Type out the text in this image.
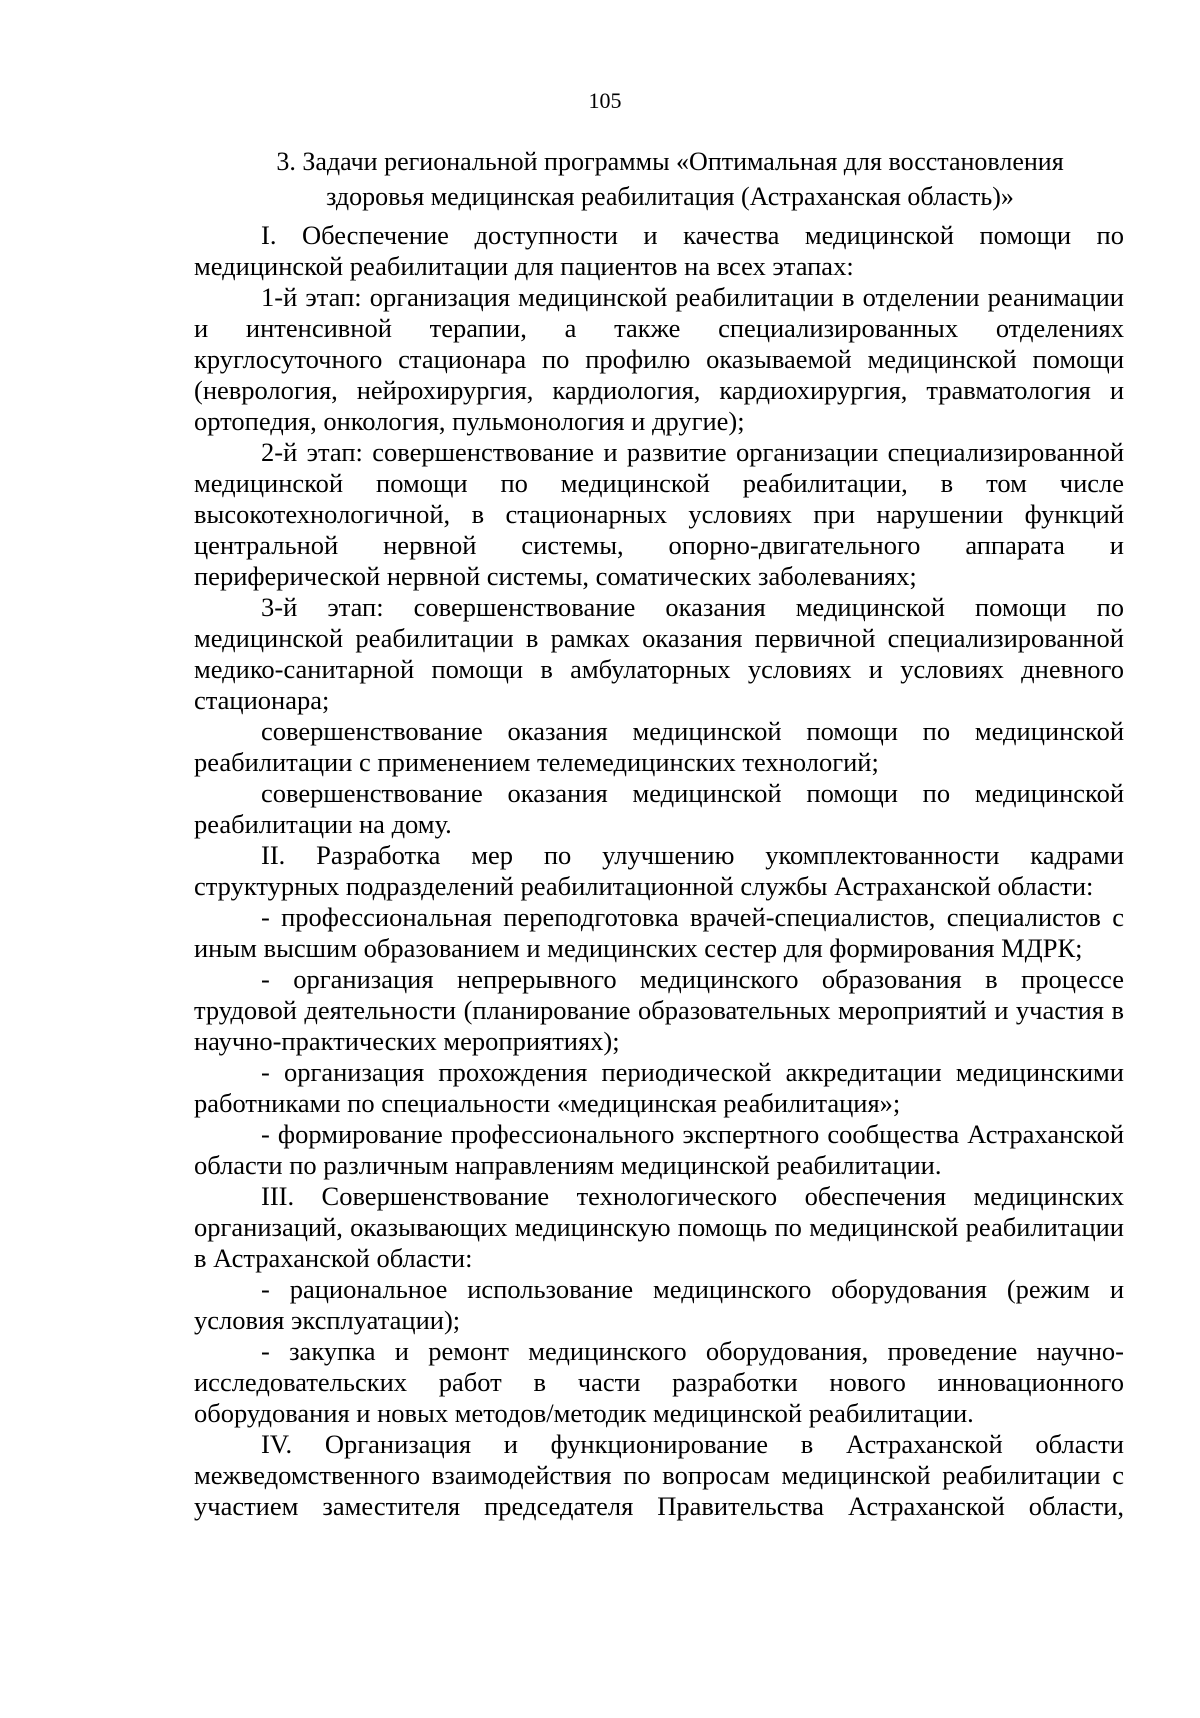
105
3. Задачи региональной программы «Оптимальная для восстановления
здоровья медицинская реабилитация (Астраханская область)»

I. Обеспечение доступности и качества медицинской помощи по медицинской реабилитации для пациентов на всех этапах:

1-й этап: организация медицинской реабилитации в отделении реанимации и интенсивной терапии, а также специализированных отделениях круглосуточного стационара по профилю оказываемой медицинской помощи (неврология, нейрохирургия, кардиология, кардиохирургия, травматология и ортопедия, онкология, пульмонология и другие);

2-й этап: совершенствование и развитие организации специализированной медицинской помощи по медицинской реабилитации, в том числе высокотехнологичной, в стационарных условиях при нарушении функций центральной нервной системы, опорно-двигательного аппарата и периферической нервной системы, соматических заболеваниях;

3-й этап: совершенствование оказания медицинской помощи по медицинской реабилитации в рамках оказания первичной специализированной медико-санитарной помощи в амбулаторных условиях и условиях дневного стационара;

совершенствование оказания медицинской помощи по медицинской реабилитации с применением телемедицинских технологий;

совершенствование оказания медицинской помощи по медицинской реабилитации на дому.

II. Разработка мер по улучшению укомплектованности кадрами структурных подразделений реабилитационной службы Астраханской области:

- профессиональная переподготовка врачей-специалистов, специалистов с иным высшим образованием и медицинских сестер для формирования МДРК;

- организация непрерывного медицинского образования в процессе трудовой деятельности (планирование образовательных мероприятий и участия в научно-практических мероприятиях);

- организация прохождения периодической аккредитации медицинскими работниками по специальности «медицинская реабилитация»;

- формирование профессионального экспертного сообщества Астраханской области по различным направлениям медицинской реабилитации.

III. Совершенствование технологического обеспечения медицинских организаций, оказывающих медицинскую помощь по медицинской реабилитации в Астраханской области:

- рациональное использование медицинского оборудования (режим и условия эксплуатации);

- закупка и ремонт медицинского оборудования, проведение научно-исследовательских работ в части разработки нового инновационного оборудования и новых методов/методик медицинской реабилитации.

IV. Организация и функционирование в Астраханской области межведомственного взаимодействия по вопросам медицинской реабилитации с участием заместителя председателя Правительства Астраханской области,
